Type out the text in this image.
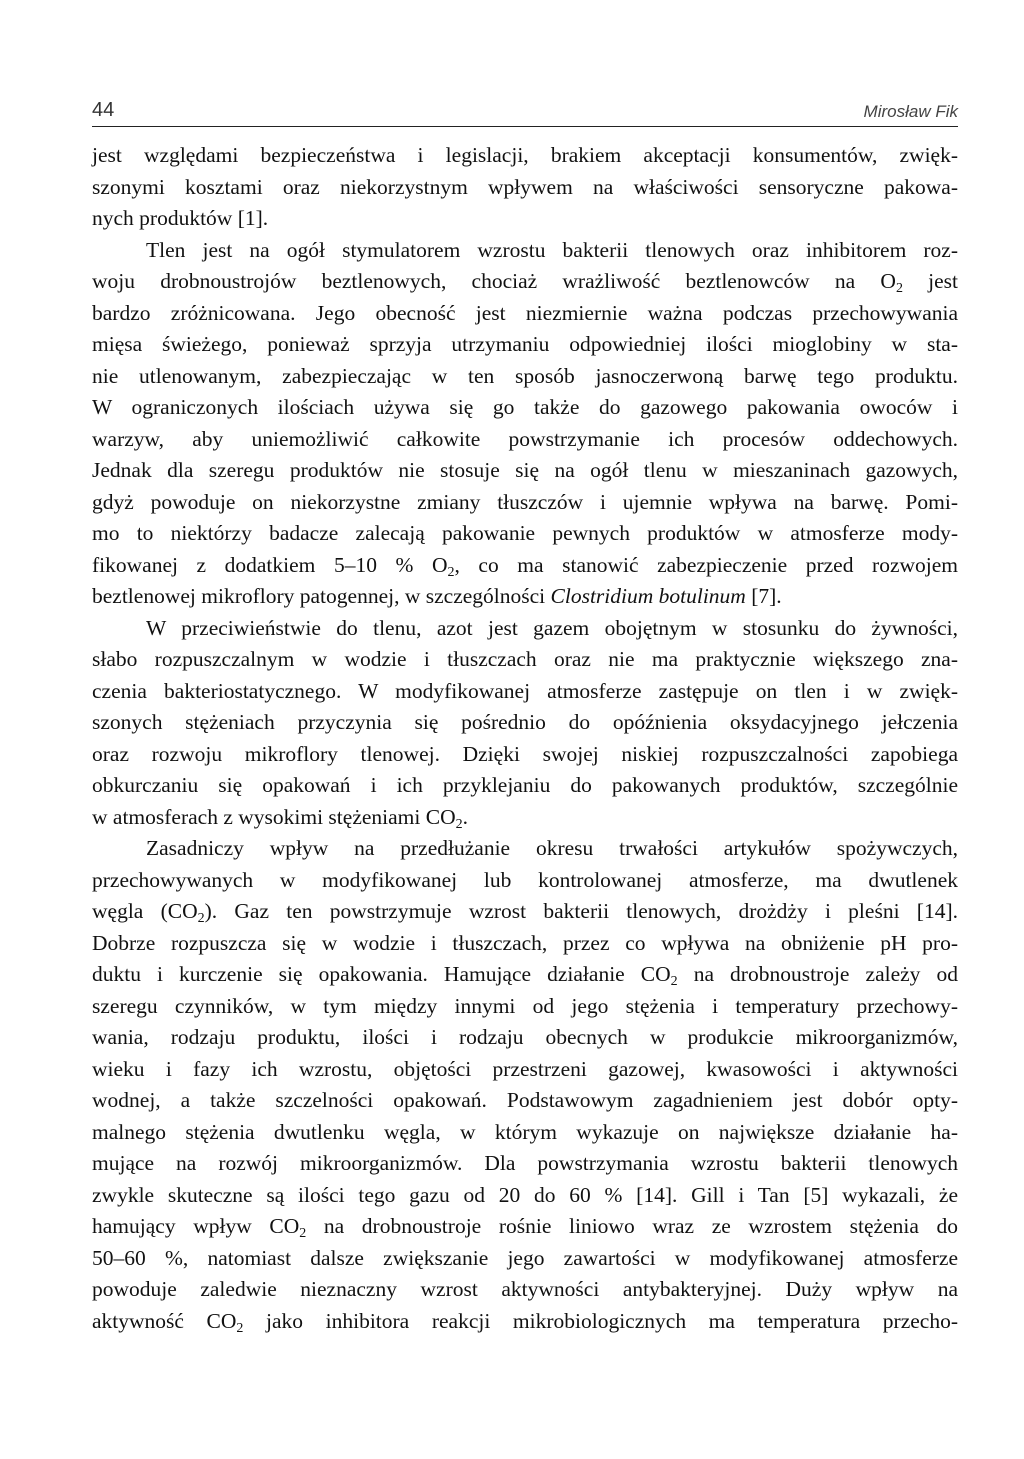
44	Mirosław Fik

jest względami bezpieczeństwa i legislacji, brakiem akceptacji konsumentów, zwięk-
szonymi kosztami oraz niekorzystnym wpływem na właściwości sensoryczne pakowa-
nych produktów [1].

Tlen jest na ogół stymulatorem wzrostu bakterii tlenowych oraz inhibitorem roz-
woju drobnoustrojów beztlenowych, chociaż wrażliwość beztlenowców na $O_2$ jest
bardzo zróżnicowana. Jego obecność jest niezmiernie ważna podczas przechowywania
mięsa świeżego, ponieważ sprzyja utrzymaniu odpowiedniej ilości mioglobiny w sta-
nie utlenowanym, zabezpieczając w ten sposób jasnoczerwoną barwę tego produktu.
W ograniczonych ilościach używa się go także do gazowego pakowania owoców i
warzyw, aby uniemożliwić całkowite powstrzymanie ich procesów oddechowych.
Jednak dla szeregu produktów nie stosuje się na ogół tlenu w mieszaninach gazowych,
gdyż powoduje on niekorzystne zmiany tłuszczów i ujemnie wpływa na barwę. Pomi-
mo to niektórzy badacze zalecają pakowanie pewnych produktów w atmosferze mody-
fikowanej z dodatkiem 5–10 % $O_2$, co ma stanowić zabezpieczenie przed rozwojem
beztlenowej mikroflory patogennej, w szczególności Clostridium botulinum [7].

W przeciwieństwie do tlenu, azot jest gazem obojętnym w stosunku do żywności,
słabo rozpuszczalnym w wodzie i tłuszczach oraz nie ma praktycznie większego zna-
czenia bakteriostatycznego. W modyfikowanej atmosferze zastępuje on tlen i w zwięk-
szonych stężeniach przyczynia się pośrednio do opóźnienia oksydacyjnego jełczenia
oraz rozwoju mikroflory tlenowej. Dzięki swojej niskiej rozpuszczalności zapobiega
obkurczaniu się opakowań i ich przyklejaniu do pakowanych produktów, szczególnie
w atmosferach z wysokimi stężeniami $CO_2$.

Zasadniczy wpływ na przedłużanie okresu trwałości artykułów spożywczych,
przechowywanych w modyfikowanej lub kontrolowanej atmosferze, ma dwutlenek
węgla $(CO_2)$. Gaz ten powstrzymuje wzrost bakterii tlenowych, drożdży i pleśni [14].
Dobrze rozpuszcza się w wodzie i tłuszczach, przez co wpływa na obniżenie pH pro-
duktu i kurczenie się opakowania. Hamujące działanie $CO_2$ na drobnoustroje zależy od
szeregu czynników, w tym między innymi od jego stężenia i temperatury przechowy-
wania, rodzaju produktu, ilości i rodzaju obecnych w produkcie mikroorganizmów,
wieku i fazy ich wzrostu, objętości przestrzeni gazowej, kwasowości i aktywności
wodnej, a także szczelności opakowań. Podstawowym zagadnieniem jest dobór opty-
malnego stężenia dwutlenku węgla, w którym wykazuje on największe działanie ha-
mujące na rozwój mikroorganizmów. Dla powstrzymania wzrostu bakterii tlenowych
zwykle skuteczne są ilości tego gazu od 20 do 60 % [14]. Gill i Tan [5] wykazali, że
hamujący wpływ $CO_2$ na drobnoustroje rośnie liniowo wraz ze wzrostem stężenia do
50–60 %, natomiast dalsze zwiększanie jego zawartości w modyfikowanej atmosferze
powoduje zaledwie nieznaczny wzrost aktywności antybakteryjnej. Duży wpływ na
aktywność $CO_2$ jako inhibitora reakcji mikrobiologicznych ma temperatura przecho-
